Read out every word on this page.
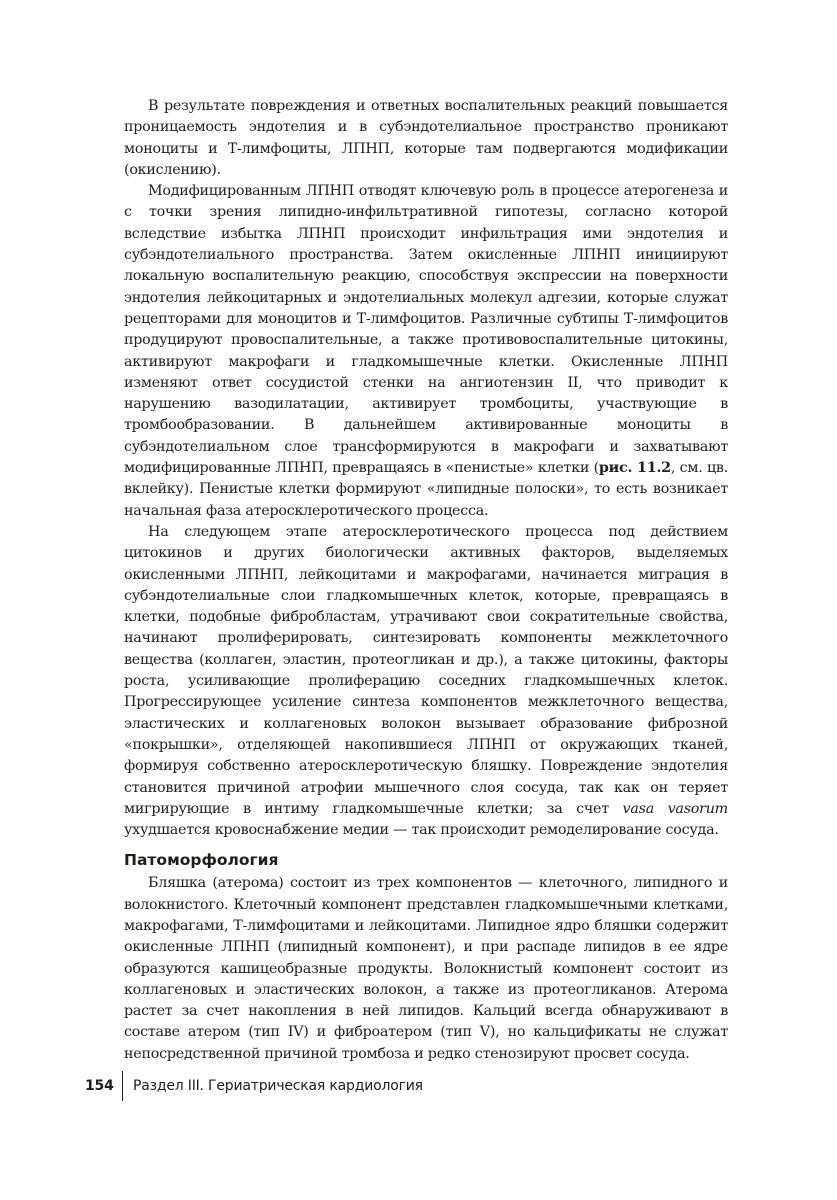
В результате повреждения и ответных воспалительных реакций повышается проницаемость эндотелия и в субэндотелиальное пространство проникают моноциты и Т-лимфоциты, ЛПНП, которые там подвергаются модификации (окислению).

Модифицированным ЛПНП отводят ключевую роль в процессе атерогенеза и с точки зрения липидно-инфильтративной гипотезы, согласно которой вследствие избытка ЛПНП происходит инфильтрация ими эндотелия и субэндотелиального пространства. Затем окисленные ЛПНП инициируют локальную воспалительную реакцию, способствуя экспрессии на поверхности эндотелия лейкоцитарных и эндотелиальных молекул адгезии, которые служат рецепторами для моноцитов и Т-лимфоцитов. Различные субтипы Т-лимфоцитов продуцируют провоспалительные, а также противовоспалительные цитокины, активируют макрофаги и гладкомышечные клетки. Окисленные ЛПНП изменяют ответ сосудистой стенки на ангиотензин II, что приводит к нарушению вазодилатации, активирует тромбоциты, участвующие в тромбообразовании. В дальнейшем активированные моноциты в субэндотелиальном слое трансформируются в макрофаги и захватывают модифицированные ЛПНП, превращаясь в «пенистые» клетки (рис. 11.2, см. цв. вклейку). Пенистые клетки формируют «липидные полоски», то есть возникает начальная фаза атеросклеротического процесса.

На следующем этапе атеросклеротического процесса под действием цитокинов и других биологически активных факторов, выделяемых окисленными ЛПНП, лейкоцитами и макрофагами, начинается миграция в субэндотелиальные слои гладкомышечных клеток, которые, превращаясь в клетки, подобные фибробластам, утрачивают свои сократительные свойства, начинают пролиферировать, синтезировать компоненты межклеточного вещества (коллаген, эластин, протеогликан и др.), а также цитокины, факторы роста, усиливающие пролиферацию соседних гладкомышечных клеток. Прогрессирующее усиление синтеза компонентов межклеточного вещества, эластических и коллагеновых волокон вызывает образование фиброзной «покрышки», отделяющей накопившиеся ЛПНП от окружающих тканей, формируя собственно атеросклеротическую бляшку. Повреждение эндотелия становится причиной атрофии мышечного слоя сосуда, так как он теряет мигрирующие в интиму гладкомышечные клетки; за счет vasa vasorum ухудшается кровоснабжение медии — так происходит ремоделирование сосуда.

Патоморфология

Бляшка (атерома) состоит из трех компонентов — клеточного, липидного и волокнистого. Клеточный компонент представлен гладкомышечными клетками, макрофагами, Т-лимфоцитами и лейкоцитами. Липидное ядро бляшки содержит окисленные ЛПНП (липидный компонент), и при распаде липидов в ее ядре образуются кашицеобразные продукты. Волокнистый компонент состоит из коллагеновых и эластических волокон, а также из протеогликанов. Атерома растет за счет накопления в ней липидов. Кальций всегда обнаруживают в составе атером (тип IV) и фиброатером (тип V), но кальцификаты не служат непосредственной причиной тромбоза и редко стенозируют просвет сосуда.

154 Раздел III. Гериатрическая кардиология
